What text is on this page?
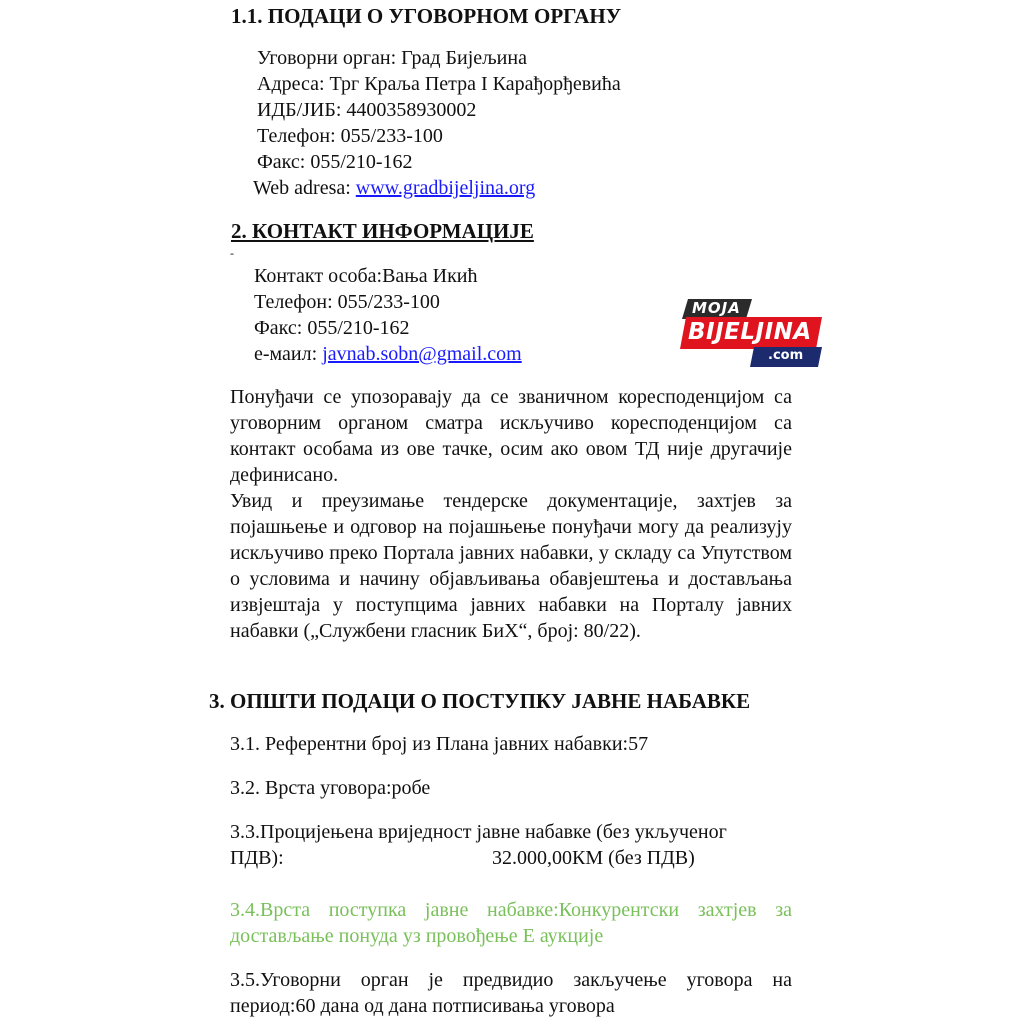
1.1. ПОДАЦИ О УГОВОРНОМ ОРГАНУ
Уговорни орган: Град Бијељина
Адреса: Трг Краља Петра I Карађорђевића
ИДБ/ЈИБ: 4400358930002
Телефон: 055/233-100
Факс: 055/210-162
Web adresa: www.gradbijeljina.org
2. КОНТАКТ ИНФОРМАЦИЈЕ
-
Контакт особа:Вања Икић
Телефон: 055/233-100
Факс: 055/210-162
е-маил: javnab.sobn@gmail.com
MOJA
BIJELJINA
.com
Понуђачи се упозоравају да се званичном коресподенцијом са уговорним органом сматра искључиво коресподенцијом са контакт особама из ове тачке, осим ако овом ТД није другачије дефинисано.
Увид и преузимање тендерске документације, захтјев за појашњење и одговор на појашњење понуђачи могу да реализују искључиво преко Портала јавних набавки, у складу са Упутством о условима и начину објављивања обавјештења и достављања извјештаја у поступцима јавних набавки на Порталу јавних набавки („Службени гласник БиХ“, број: 80/22).
3. ОПШТИ ПОДАЦИ О ПОСТУПКУ ЈАВНЕ НАБАВКЕ
3.1. Референтни број из Плана јавних набавки:57
3.2. Врста уговора:робе
3.3.Процијењена вриједност јавне набавке (без укљученог
ПДВ):	32.000,00КМ (без ПДВ)
3.4.Врста поступка јавне набавке:Конкурентски захтјев за достављање понуда уз провођење Е аукције
3.5.Уговорни орган је предвидио закључење уговора на период:60 дана од дана потписивања уговора
